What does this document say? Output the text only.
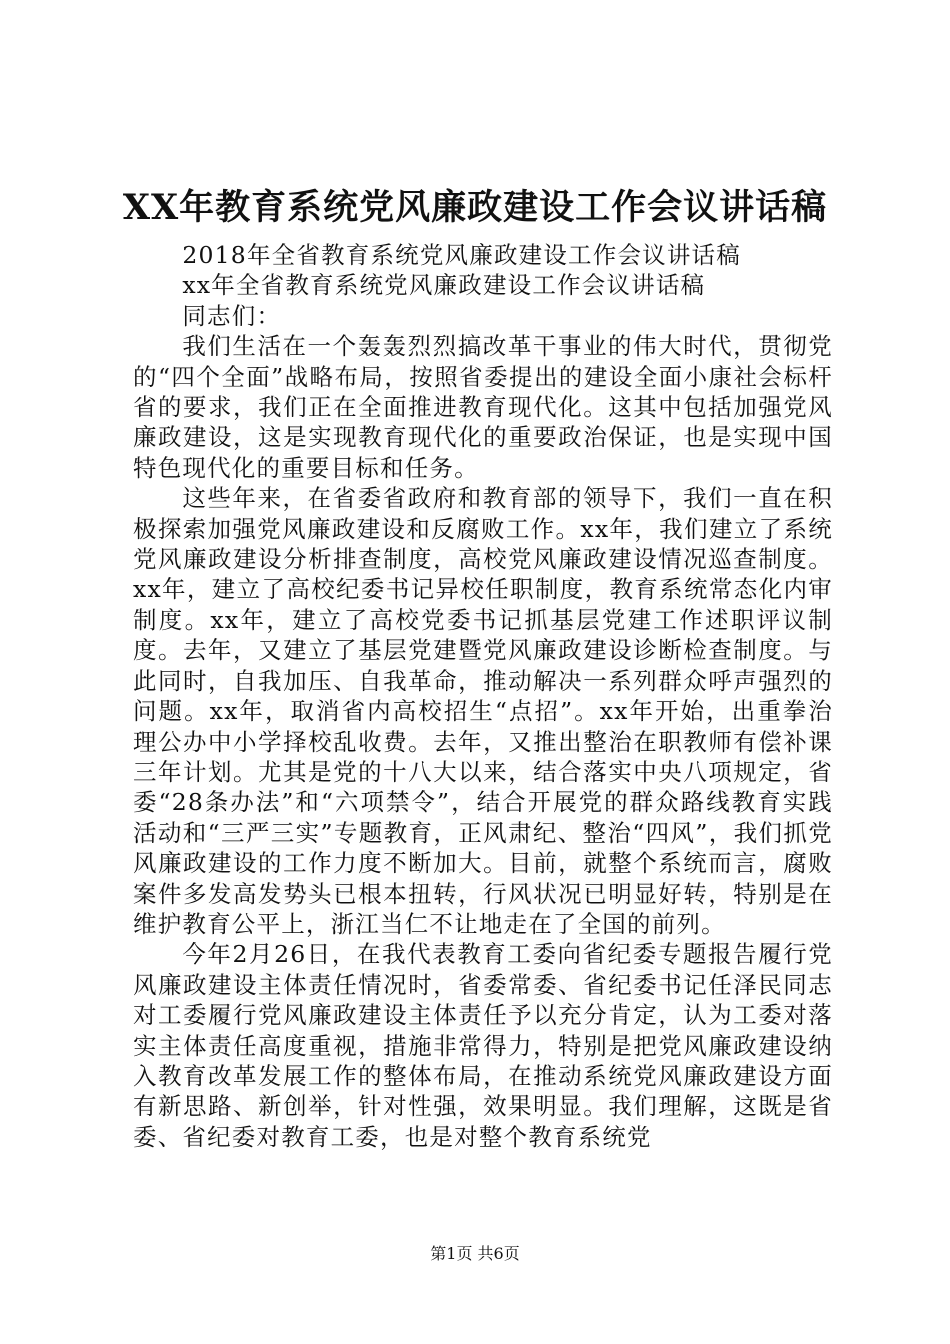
XX年教育系统党风廉政建设工作会议讲话稿

2018年全省教育系统党风廉政建设工作会议讲话稿

xx年全省教育系统党风廉政建设工作会议讲话稿

同志们：

我们生活在一个轰轰烈烈搞改革干事业的伟大时代，贯彻党的“四个全面”战略布局，按照省委提出的建设全面小康社会标杆省的要求，我们正在全面推进教育现代化。这其中包括加强党风廉政建设，这是实现教育现代化的重要政治保证，也是实现中国特色现代化的重要目标和任务。

这些年来，在省委省政府和教育部的领导下，我们一直在积极探索加强党风廉政建设和反腐败工作。xx年，我们建立了系统党风廉政建设分析排查制度，高校党风廉政建设情况巡查制度。xx年，建立了高校纪委书记异校任职制度，教育系统常态化内审制度。xx年，建立了高校党委书记抓基层党建工作述职评议制度。去年，又建立了基层党建暨党风廉政建设诊断检查制度。与此同时，自我加压、自我革命，推动解决一系列群众呼声强烈的问题。xx年，取消省内高校招生“点招”。xx年开始，出重拳治理公办中小学择校乱收费。去年，又推出整治在职教师有偿补课三年计划。尤其是党的十八大以来，结合落实中央八项规定，省委“28条办法”和“六项禁令”，结合开展党的群众路线教育实践活动和“三严三实”专题教育，正风肃纪、整治“四风”，我们抓党风廉政建设的工作力度不断加大。目前，就整个系统而言，腐败案件多发高发势头已根本扭转，行风状况已明显好转，特别是在维护教育公平上，浙江当仁不让地走在了全国的前列。

今年2月26日，在我代表教育工委向省纪委专题报告履行党风廉政建设主体责任情况时，省委常委、省纪委书记任泽民同志对工委履行党风廉政建设主体责任予以充分肯定，认为工委对落实主体责任高度重视，措施非常得力，特别是把党风廉政建设纳入教育改革发展工作的整体布局，在推动系统党风廉政建设方面有新思路、新创举，针对性强，效果明显。我们理解，这既是省委、省纪委对教育工委，也是对整个教育系统党

第1页 共6页
